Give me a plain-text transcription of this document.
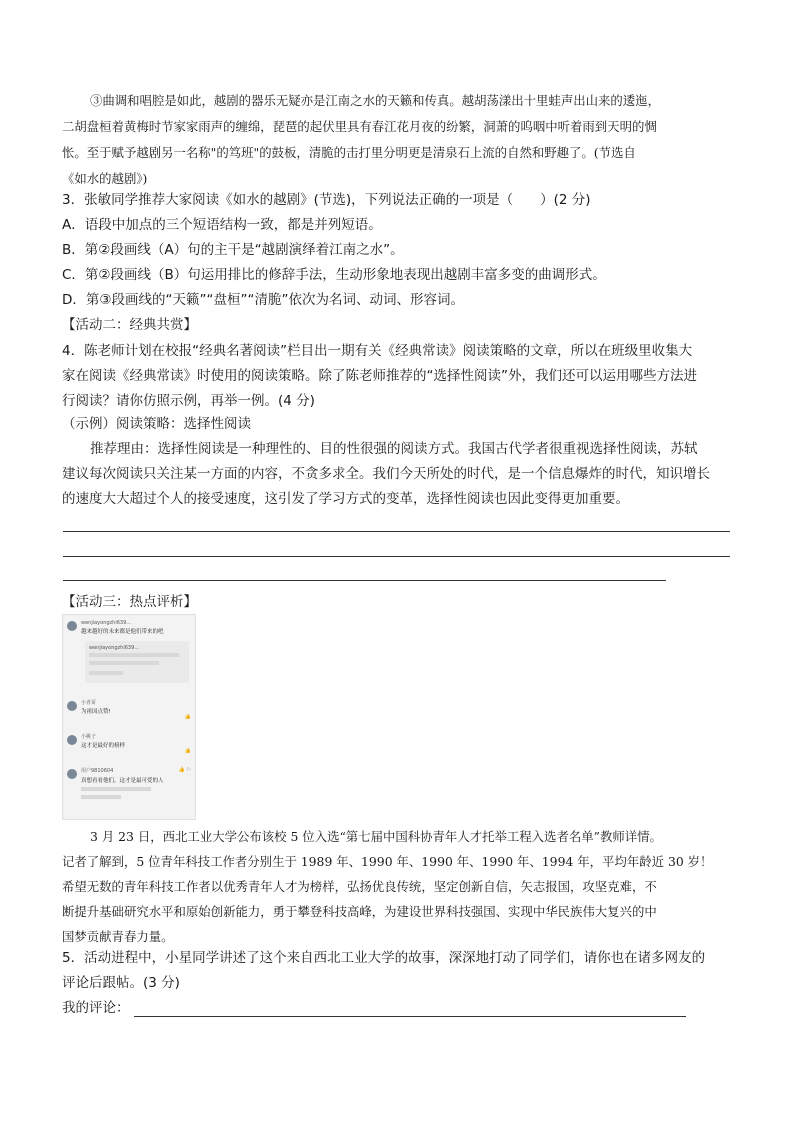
③曲调和唱腔是如此，越剧的器乐无疑亦是江南之水的天籁和传真。越胡荡漾出十里蛙声出山来的逶迤，
二胡盘桓着黄梅时节家家雨声的缠绵，琵琶的起伏里具有春江花月夜的纷繁，洞萧的呜咽中听着雨到天明的惆
怅。至于赋予越剧另一名称"的笃班"的鼓板，清脆的击打里分明更是清泉石上流的自然和野趣了。(节选自
《如水的越剧》)
3．张敏同学推荐大家阅读《如水的越剧》(节选)，下列说法正确的一项是（　　）(2 分)
A．语段中加点的三个短语结构一致，都是并列短语。
B．第②段画线（A）句的主干是“越剧演绎着江南之水”。
C．第②段画线（B）句运用排比的修辞手法，生动形象地表现出越剧丰富多变的曲调形式。
D．第③段画线的“天籁”“盘桓”“清脆”依次为名词、动词、形容词。
【活动二：经典共赏】
4．陈老师计划在校报“经典名著阅读”栏目出一期有关《经典常读》阅读策略的文章，所以在班级里收集大
家在阅读《经典常读》时使用的阅读策略。除了陈老师推荐的“选择性阅读”外，我们还可以运用哪些方法进
行阅读？请你仿照示例，再举一例。(4 分)
（示例）阅读策略：选择性阅读
推荐理由：选择性阅读是一种理性的、目的性很强的阅读方式。我国古代学者很重视选择性阅读，苏轼
建议每次阅读只关注某一方面的内容，不贪多求全。我们今天所处的时代，是一个信息爆炸的时代，知识增长
的速度大大超过个人的接受速度，这引发了学习方式的变革，选择性阅读也因此变得更加重要。
【活动三：热点评析】
wenjiayongzhi639…
越来越好的未来都是他们带来的吧
wenjiayongzhi639…
小青哥
为祖国点赞!
👍
小桃子
这才是最好的榜样
👍
用户9810604	👍 ⚐
真想看看他们，这才是最可爱的人
3 月 23 日，西北工业大学公布该校 5 位入选“第七届中国科协青年人才托举工程入选者名单”教师详情。
记者了解到，5 位青年科技工作者分别生于 1989 年、1990 年、1990 年、1990 年、1994 年，平均年龄近 30 岁！
希望无数的青年科技工作者以优秀青年人才为榜样，弘扬优良传统，坚定创新自信，矢志报国，攻坚克难，不
断提升基础研究水平和原始创新能力，勇于攀登科技高峰，为建设世界科技强国、实现中华民族伟大复兴的中
国梦贡献青春力量。
5．活动进程中，小星同学讲述了这个来自西北工业大学的故事，深深地打动了同学们，请你也在诸多网友的
评论后跟帖。(3 分)
我的评论：
